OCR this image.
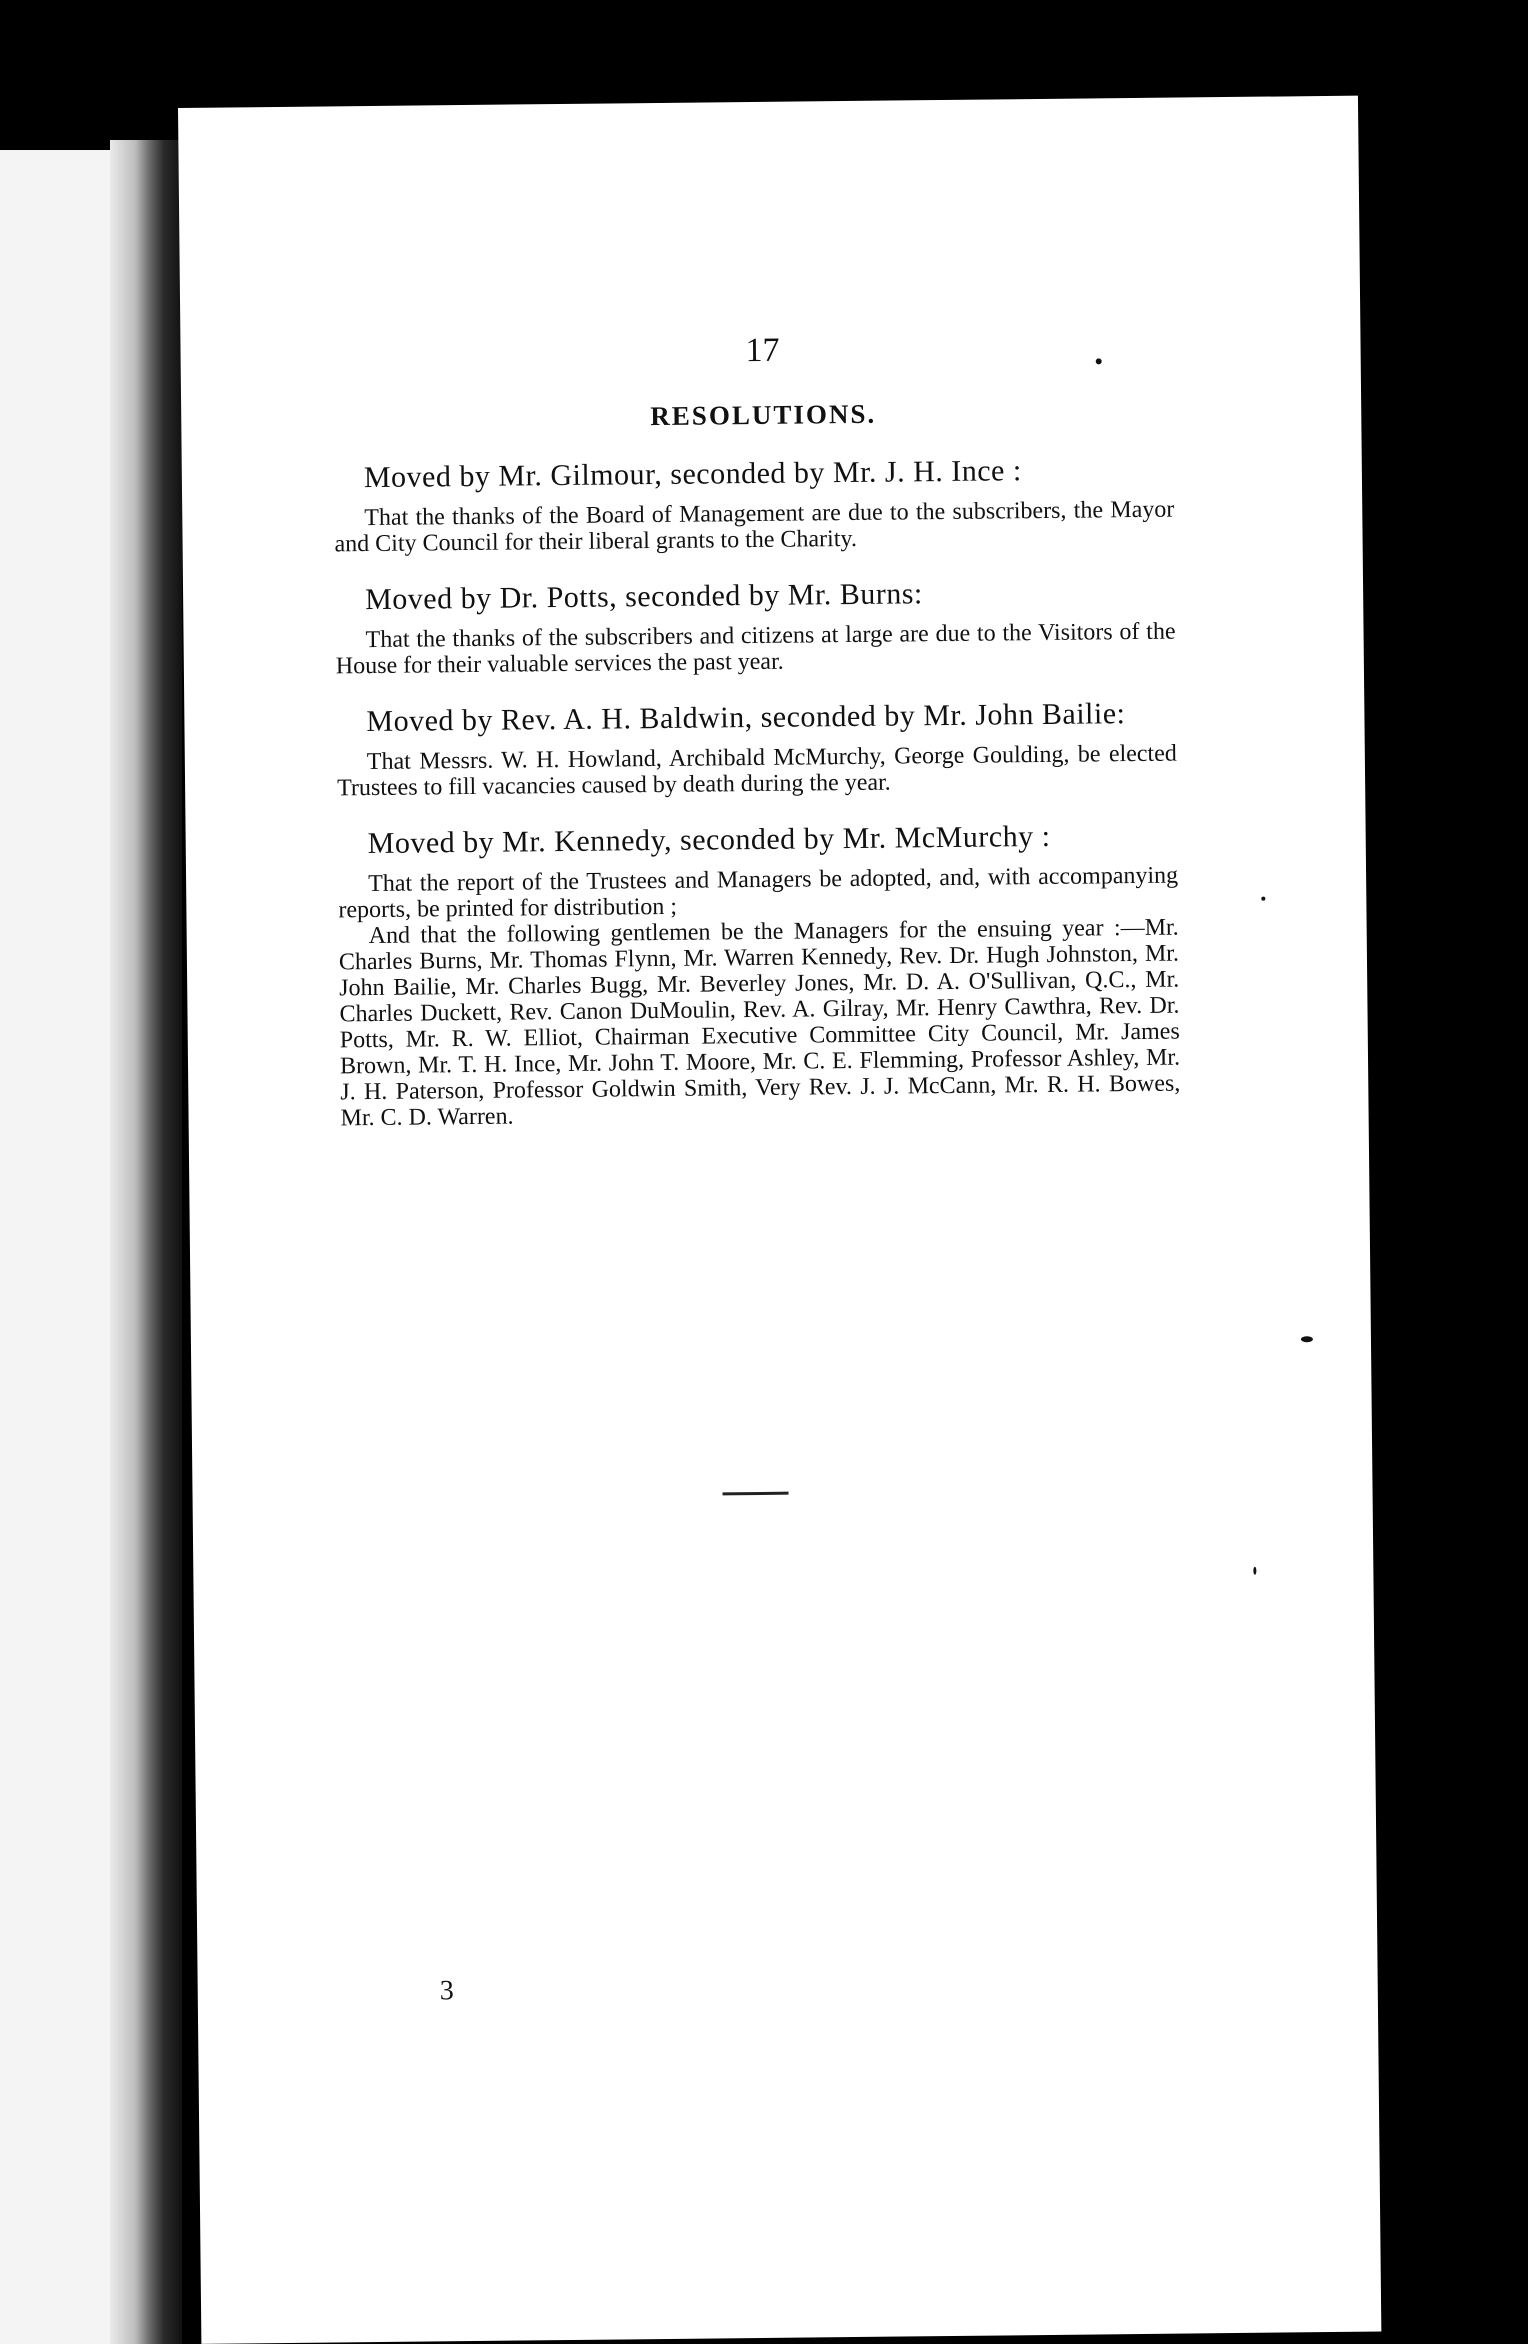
17
RESOLUTIONS.
Moved by Mr. Gilmour, seconded by Mr. J. H. Ince :
That the thanks of the Board of Management are due to the subscribers, the Mayor and City Council for their liberal grants to the Charity.
Moved by Dr. Potts, seconded by Mr. Burns:
That the thanks of the subscribers and citizens at large are due to the Visitors of the House for their valuable services the past year.
Moved by Rev. A. H. Baldwin, seconded by Mr. John Bailie:
That Messrs. W. H. Howland, Archibald McMurchy, George Goulding, be elected Trustees to fill vacancies caused by death during the year.
Moved by Mr. Kennedy, seconded by Mr. McMurchy :
That the report of the Trustees and Managers be adopted, and, with accompanying reports, be printed for distribution ;
And that the following gentlemen be the Managers for the ensuing year :—Mr. Charles Burns, Mr. Thomas Flynn, Mr. Warren Kennedy, Rev. Dr. Hugh Johnston, Mr. John Bailie, Mr. Charles Bugg, Mr. Beverley Jones, Mr. D. A. O'Sullivan, Q.C., Mr. Charles Duckett, Rev. Canon DuMoulin, Rev. A. Gilray, Mr. Henry Cawthra, Rev. Dr. Potts, Mr. R. W. Elliot, Chairman Executive Committee City Council, Mr. James Brown, Mr. T. H. Ince, Mr. John T. Moore, Mr. C. E. Flemming, Professor Ashley, Mr. J. H. Paterson, Professor Goldwin Smith, Very Rev. J. J. McCann, Mr. R. H. Bowes, Mr. C. D. Warren.
3
